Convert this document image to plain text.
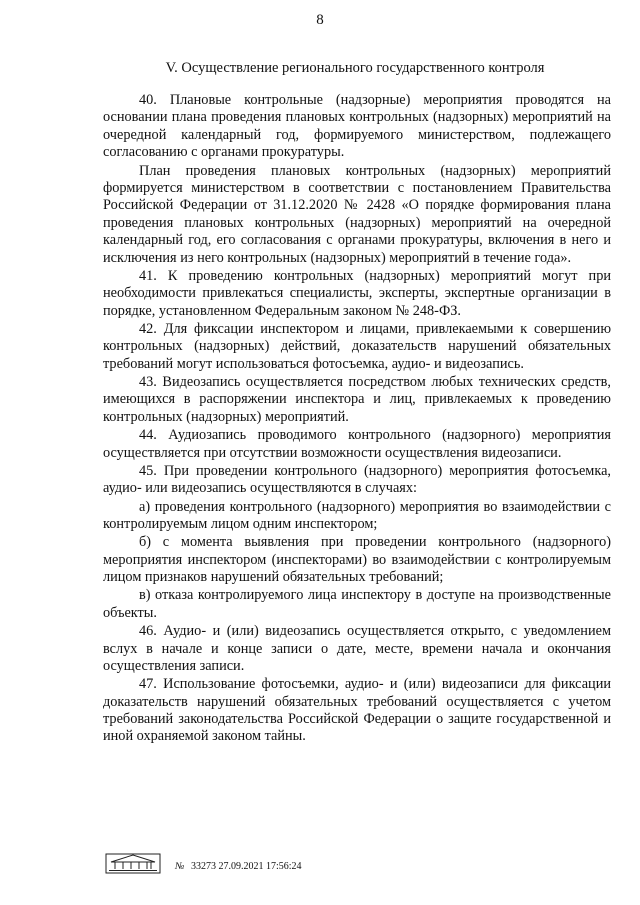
8
V. Осуществление регионального государственного контроля

40. Плановые контрольные (надзорные) мероприятия проводятся на основании плана проведения плановых контрольных (надзорных) мероприятий на очередной календарный год, формируемого министерством, подлежащего согласованию с органами прокуратуры.

План проведения плановых контрольных (надзорных) мероприятий формируется министерством в соответствии с постановлением Правительства Российской Федерации от 31.12.2020 № 2428 «О порядке формирования плана проведения плановых контрольных (надзорных) мероприятий на очередной календарный год, его согласования с органами прокуратуры, включения в него и исключения из него контрольных (надзорных) мероприятий в течение года».

41. К проведению контрольных (надзорных) мероприятий могут при необходимости привлекаться специалисты, эксперты, экспертные организации в порядке, установленном Федеральным законом № 248-ФЗ.

42. Для фиксации инспектором и лицами, привлекаемыми к совершению контрольных (надзорных) действий, доказательств нарушений обязательных требований могут использоваться фотосъемка, аудио- и видеозапись.

43. Видеозапись осуществляется посредством любых технических средств, имеющихся в распоряжении инспектора и лиц, привлекаемых к проведению контрольных (надзорных) мероприятий.

44. Аудиозапись проводимого контрольного (надзорного) мероприятия осуществляется при отсутствии возможности осуществления видеозаписи.

45. При проведении контрольного (надзорного) мероприятия фотосъемка, аудио- или видеозапись осуществляются в случаях:

а) проведения контрольного (надзорного) мероприятия во взаимодействии с контролируемым лицом одним инспектором;

б) с момента выявления при проведении контрольного (надзорного) мероприятия инспектором (инспекторами) во взаимодействии с контролируемым лицом признаков нарушений обязательных требований;

в) отказа контролируемого лица инспектору в доступе на производственные объекты.

46. Аудио- и (или) видеозапись осуществляется открыто, с уведомлением вслух в начале и конце записи о дате, месте, времени начала и окончания осуществления записи.

47. Использование фотосъемки, аудио- и (или) видеозаписи для фиксации доказательств нарушений обязательных требований осуществляется с учетом требований законодательства Российской Федерации о защите государственной и иной охраняемой законом тайны.

№ 33273 27.09.2021 17:56:24
